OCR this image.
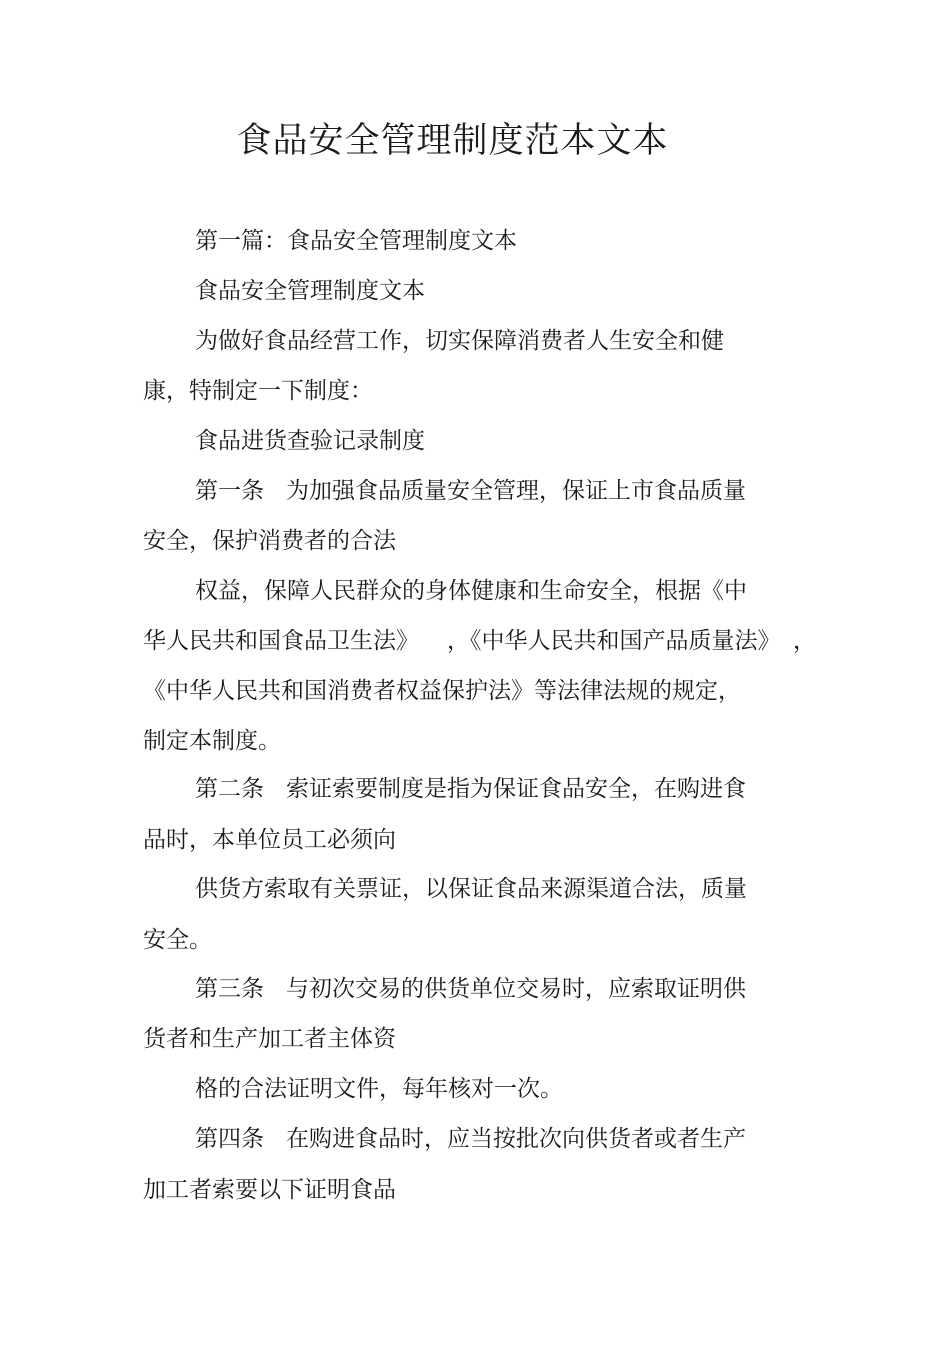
食品安全管理制度范本文本
第一篇：食品安全管理制度文本
食品安全管理制度文本
为做好食品经营工作，切实保障消费者人生安全和健
康，特制定一下制度：
食品进货查验记录制度
第一条 为加强食品质量安全管理，保证上市食品质量
安全，保护消费者的合法
权益，保障人民群众的身体健康和生命安全，根据《中
华人民共和国食品卫生法》 ，《中华人民共和国产品质量法》 ，
《中华人民共和国消费者权益保护法》等法律法规的规定，
制定本制度。
第二条 索证索要制度是指为保证食品安全，在购进食
品时，本单位员工必须向
供货方索取有关票证，以保证食品来源渠道合法，质量
安全。
第三条 与初次交易的供货单位交易时，应索取证明供
货者和生产加工者主体资
格的合法证明文件，每年核对一次。
第四条 在购进食品时，应当按批次向供货者或者生产
加工者索要以下证明食品
